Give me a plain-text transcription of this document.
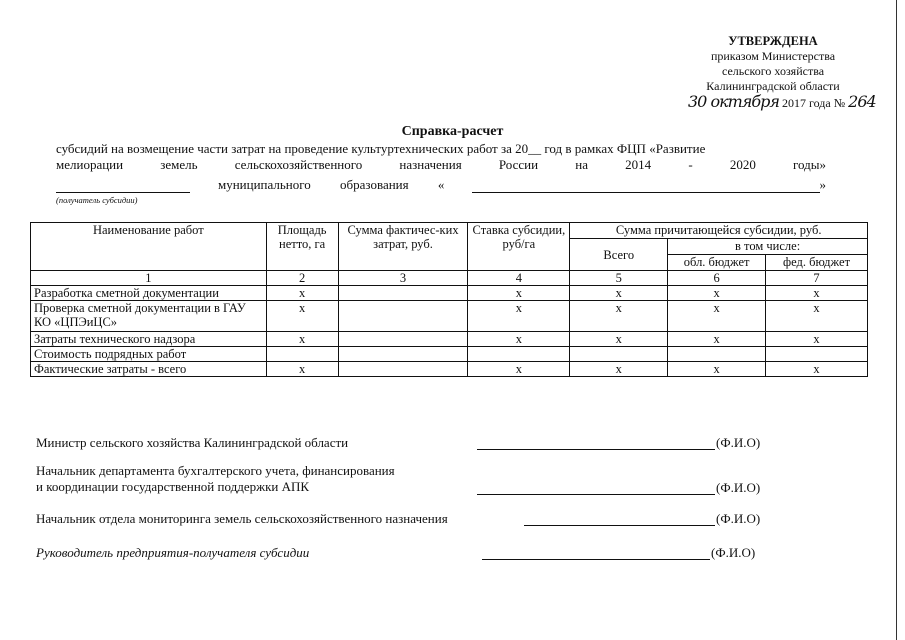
УТВЕРЖДЕНА
приказом Министерства
сельского хозяйства
Калининградской области
30 октября 2017 года № 264
Справка-расчет

субсидий на возмещение части затрат на проведение культуртехнических работ за 20__ год в рамках ФЦП «Развитие

мелиорации земель сельскохозяйственного назначения России на 2014 - 2020 годы»

муниципального образования «	»
(получатель субсидии)
Наименование работ	Площадь нетто, га	Сумма фактичес-ких затрат, руб.	Ставка субсидии, руб/га	Сумма причитающейся субсидии, руб.		
				Всего	в том числе:	
					обл. бюджет	фед. бюджет
1	2	3	4	5	6	7
Разработка сметной документации	x		x	x	x	x
Проверка сметной документации в ГАУ КО «ЦПЭиЦС»	x		x	x	x	x
Затраты технического надзора	x		x	x	x	x
Стоимость подрядных работ						
Фактические затраты - всего	x		x	x	x	x
Министр сельского хозяйства Калининградской области	(Ф.И.О)
Начальник департамента бухгалтерского учета, финансирования
и координации государственной поддержки АПК	(Ф.И.О)
Начальник отдела мониторинга земель сельскохозяйственного назначения	(Ф.И.О)
Руководитель предприятия-получателя субсидии	(Ф.И.О)
